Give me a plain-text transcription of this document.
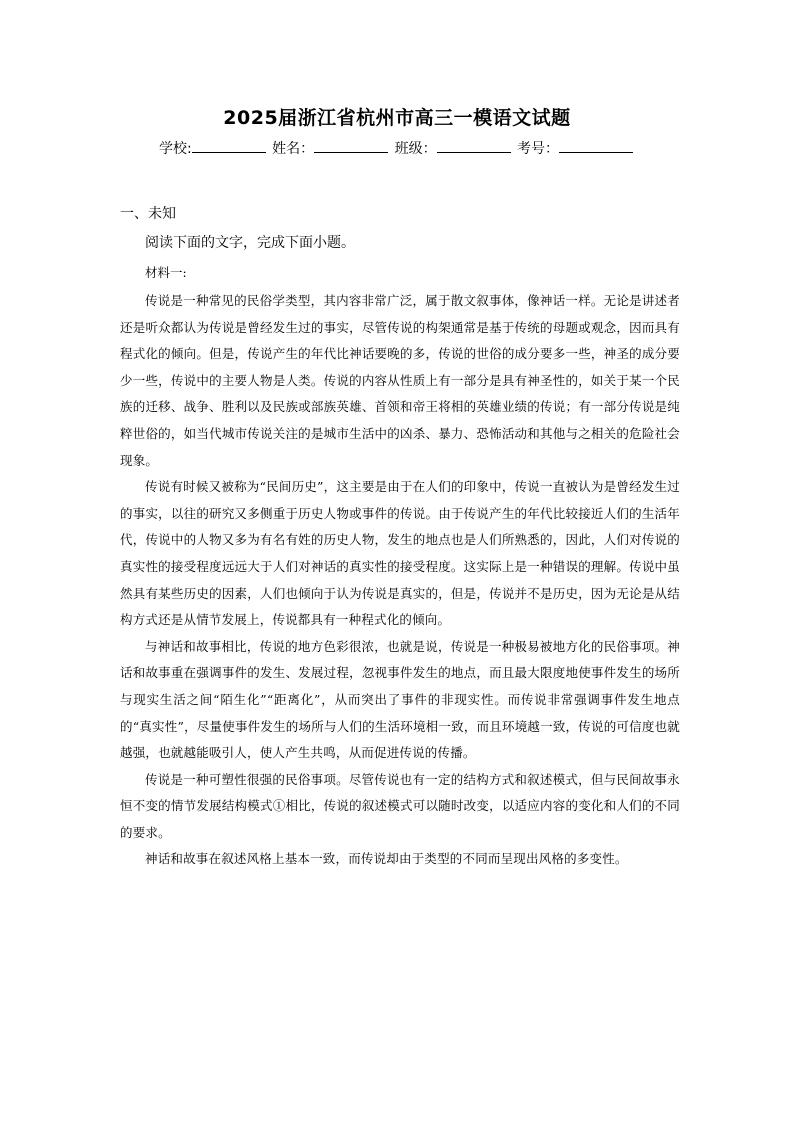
2025届浙江省杭州市高三一模语文试题
学校:	姓名：	班级：	考号：
一、未知
阅读下面的文字，完成下面小题。
材料一:

传说是一种常见的民俗学类型，其内容非常广泛，属于散文叙事体，像神话一样。无论是讲述者还是听众都认为传说是曾经发生过的事实，尽管传说的构架通常是基于传统的母题或观念，因而具有程式化的倾向。但是，传说产生的年代比神话要晚的多，传说的世俗的成分要多一些，神圣的成分要少一些，传说中的主要人物是人类。传说的内容从性质上有一部分是具有神圣性的，如关于某一个民族的迁移、战争、胜利以及民族或部族英雄、首领和帝王将相的英雄业绩的传说；有一部分传说是纯粹世俗的，如当代城市传说关注的是城市生活中的凶杀、暴力、恐怖活动和其他与之相关的危险社会现象。

传说有时候又被称为“民间历史”，这主要是由于在人们的印象中，传说一直被认为是曾经发生过的事实，以往的研究又多侧重于历史人物或事件的传说。由于传说产生的年代比较接近人们的生活年代，传说中的人物又多为有名有姓的历史人物，发生的地点也是人们所熟悉的，因此，人们对传说的真实性的接受程度远远大于人们对神话的真实性的接受程度。这实际上是一种错误的理解。传说中虽然具有某些历史的因素，人们也倾向于认为传说是真实的，但是，传说并不是历史，因为无论是从结构方式还是从情节发展上，传说都具有一种程式化的倾向。

与神话和故事相比，传说的地方色彩很浓，也就是说，传说是一种极易被地方化的民俗事项。神话和故事重在强调事件的发生、发展过程，忽视事件发生的地点，而且最大限度地使事件发生的场所与现实生活之间“陌生化”“距离化”，从而突出了事件的非现实性。而传说非常强调事件发生地点的“真实性”，尽量使事件发生的场所与人们的生活环境相一致，而且环境越一致，传说的可信度也就越强，也就越能吸引人，使人产生共鸣，从而促进传说的传播。

传说是一种可塑性很强的民俗事项。尽管传说也有一定的结构方式和叙述模式，但与民间故事永恒不变的情节发展结构模式①相比，传说的叙述模式可以随时改变，以适应内容的变化和人们的不同的要求。

神话和故事在叙述风格上基本一致，而传说却由于类型的不同而呈现出风格的多变性。
